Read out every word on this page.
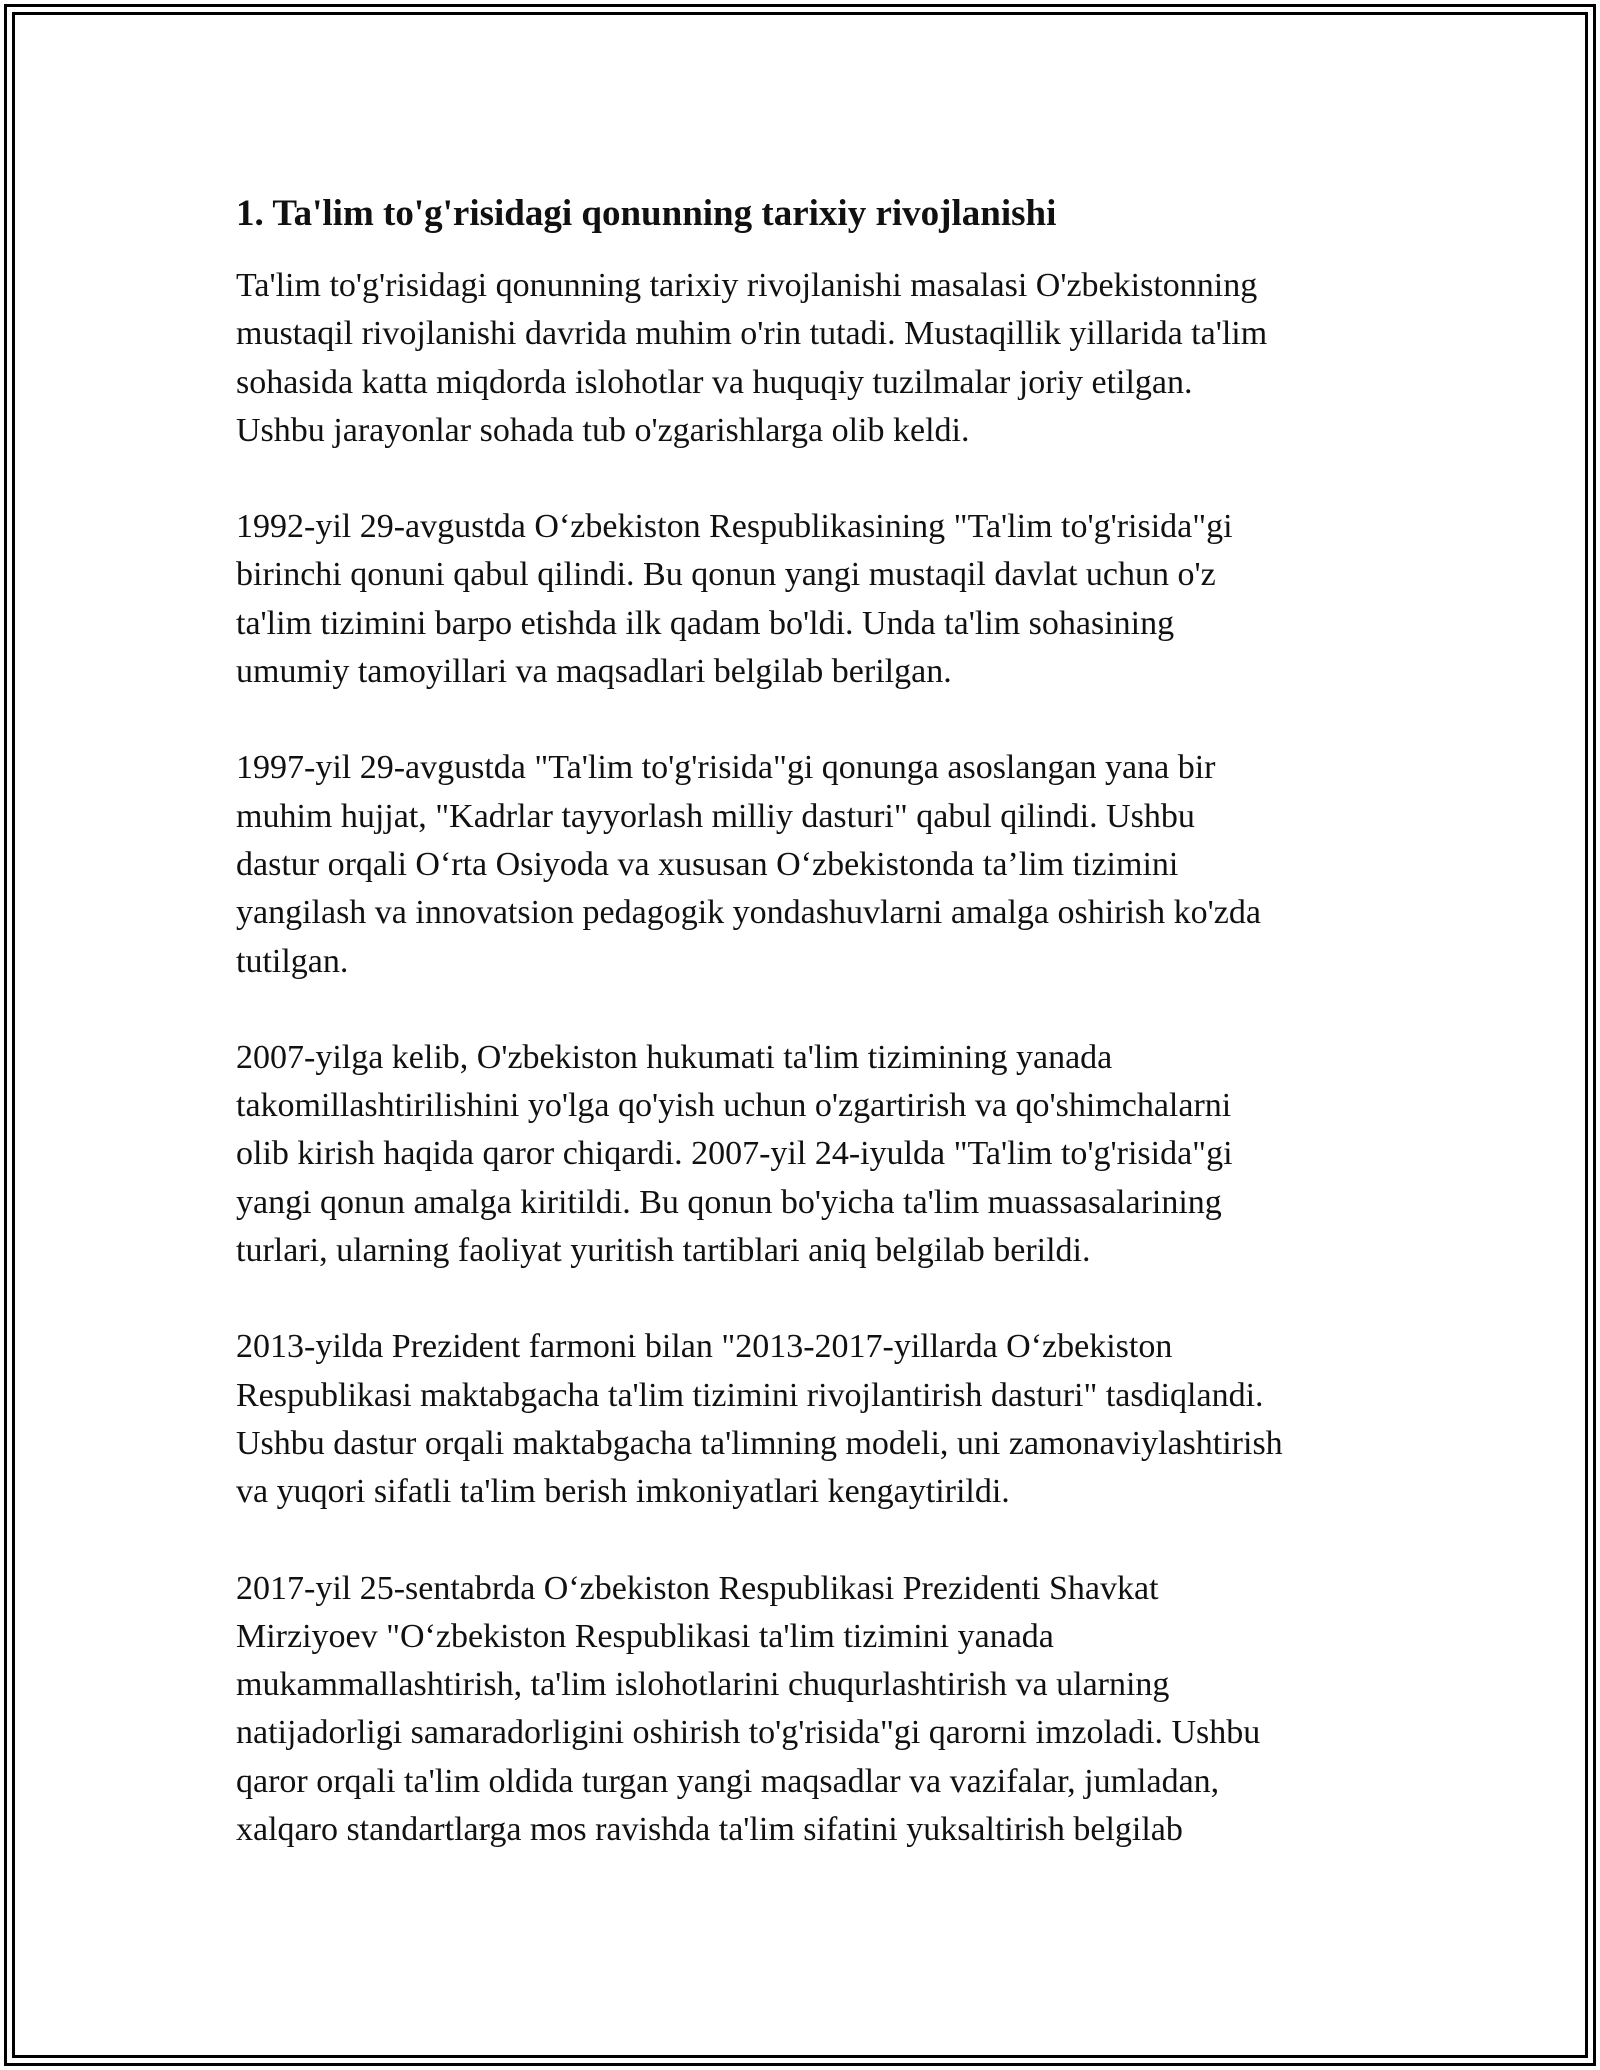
1. Ta'lim to'g'risidagi qonunning tarixiy rivojlanishi

Ta'lim to'g'risidagi qonunning tarixiy rivojlanishi masalasi O'zbekistonning
mustaqil rivojlanishi davrida muhim o'rin tutadi. Mustaqillik yillarida ta'lim
sohasida katta miqdorda islohotlar va huquqiy tuzilmalar joriy etilgan.
Ushbu jarayonlar sohada tub o'zgarishlarga olib keldi.

1992-yil 29-avgustda O‘zbekiston Respublikasining "Ta'lim to'g'risida"gi
birinchi qonuni qabul qilindi. Bu qonun yangi mustaqil davlat uchun o'z
ta'lim tizimini barpo etishda ilk qadam bo'ldi. Unda ta'lim sohasining
umumiy tamoyillari va maqsadlari belgilab berilgan.

1997-yil 29-avgustda "Ta'lim to'g'risida"gi qonunga asoslangan yana bir
muhim hujjat, "Kadrlar tayyorlash milliy dasturi" qabul qilindi. Ushbu
dastur orqali O‘rta Osiyoda va xususan O‘zbekistonda ta’lim tizimini
yangilash va innovatsion pedagogik yondashuvlarni amalga oshirish ko'zda
tutilgan.

2007-yilga kelib, O'zbekiston hukumati ta'lim tizimining yanada
takomillashtirilishini yo'lga qo'yish uchun o'zgartirish va qo'shimchalarni
olib kirish haqida qaror chiqardi. 2007-yil 24-iyulda "Ta'lim to'g'risida"gi
yangi qonun amalga kiritildi. Bu qonun bo'yicha ta'lim muassasalarining
turlari, ularning faoliyat yuritish tartiblari aniq belgilab berildi.

2013-yilda Prezident farmoni bilan "2013-2017-yillarda O‘zbekiston
Respublikasi maktabgacha ta'lim tizimini rivojlantirish dasturi" tasdiqlandi.
Ushbu dastur orqali maktabgacha ta'limning modeli, uni zamonaviylashtirish
va yuqori sifatli ta'lim berish imkoniyatlari kengaytirildi.

2017-yil 25-sentabrda O‘zbekiston Respublikasi Prezidenti Shavkat
Mirziyoev "O‘zbekiston Respublikasi ta'lim tizimini yanada
mukammallashtirish, ta'lim islohotlarini chuqurlashtirish va ularning
natijadorligi samaradorligini oshirish to'g'risida"gi qarorni imzoladi. Ushbu
qaror orqali ta'lim oldida turgan yangi maqsadlar va vazifalar, jumladan,
xalqaro standartlarga mos ravishda ta'lim sifatini yuksaltirish belgilab
